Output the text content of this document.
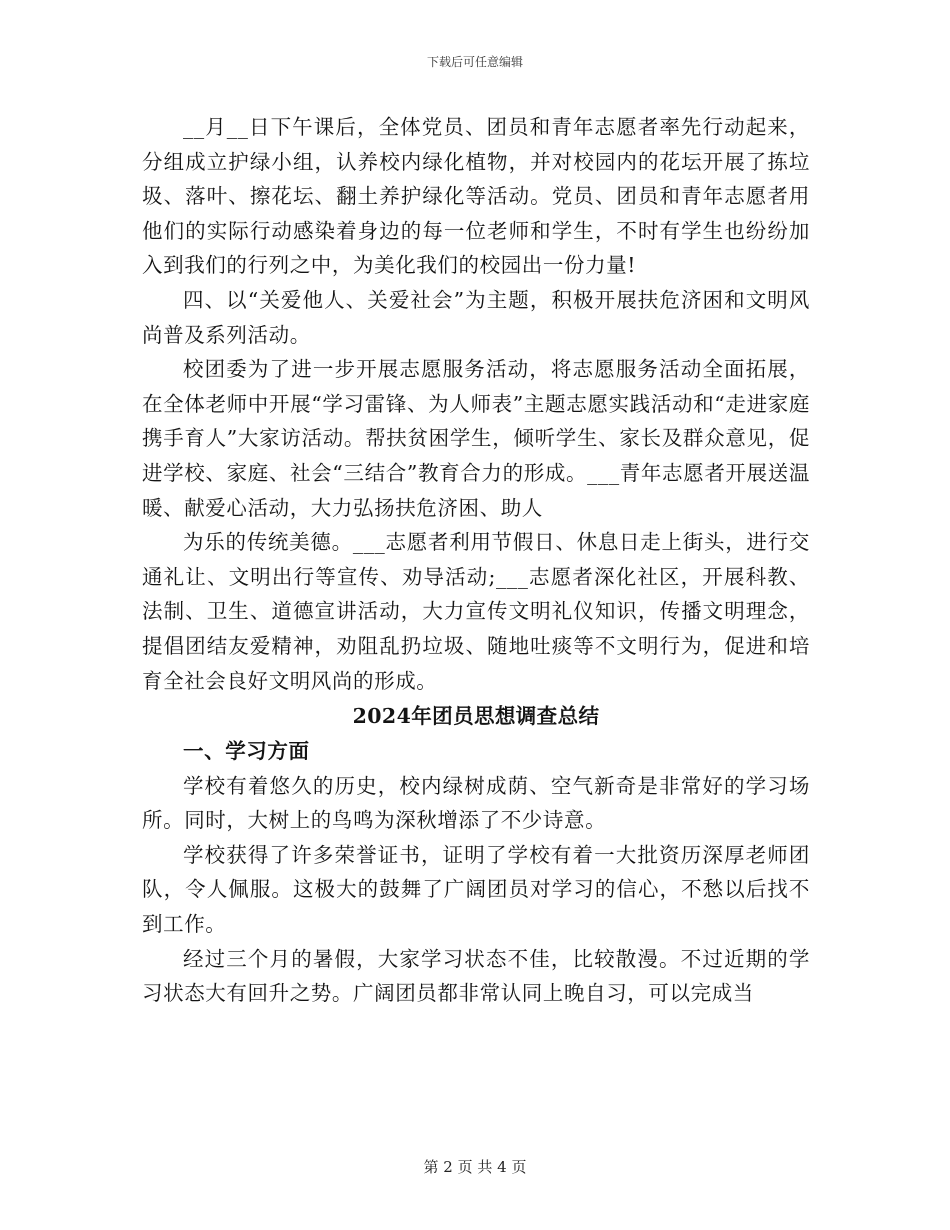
下载后可任意编辑

__月__日下午课后，全体党员、团员和青年志愿者率先行动起来，分组成立护绿小组，认养校内绿化植物，并对校园内的花坛开展了拣垃圾、落叶、擦花坛、翻土养护绿化等活动。党员、团员和青年志愿者用他们的实际行动感染着身边的每一位老师和学生，不时有学生也纷纷加入到我们的行列之中，为美化我们的校园出一份力量!

四、以“关爱他人、关爱社会”为主题，积极开展扶危济困和文明风尚普及系列活动。

校团委为了进一步开展志愿服务活动，将志愿服务活动全面拓展，在全体老师中开展“学习雷锋、为人师表”主题志愿实践活动和“走进家庭携手育人”大家访活动。帮扶贫困学生，倾听学生、家长及群众意见，促进学校、家庭、社会“三结合”教育合力的形成。___青年志愿者开展送温暖、献爱心活动，大力弘扬扶危济困、助人

为乐的传统美德。___志愿者利用节假日、休息日走上街头，进行交通礼让、文明出行等宣传、劝导活动;___志愿者深化社区，开展科教、法制、卫生、道德宣讲活动，大力宣传文明礼仪知识，传播文明理念，提倡团结友爱精神，劝阻乱扔垃圾、随地吐痰等不文明行为，促进和培育全社会良好文明风尚的形成。

2024年团员思想调查总结

一、学习方面

学校有着悠久的历史，校内绿树成荫、空气新奇是非常好的学习场所。同时，大树上的鸟鸣为深秋增添了不少诗意。

学校获得了许多荣誉证书，证明了学校有着一大批资历深厚老师团队，令人佩服。这极大的鼓舞了广阔团员对学习的信心，不愁以后找不到工作。

经过三个月的暑假，大家学习状态不佳，比较散漫。不过近期的学习状态大有回升之势。广阔团员都非常认同上晚自习，可以完成当

第 2 页 共 4 页
